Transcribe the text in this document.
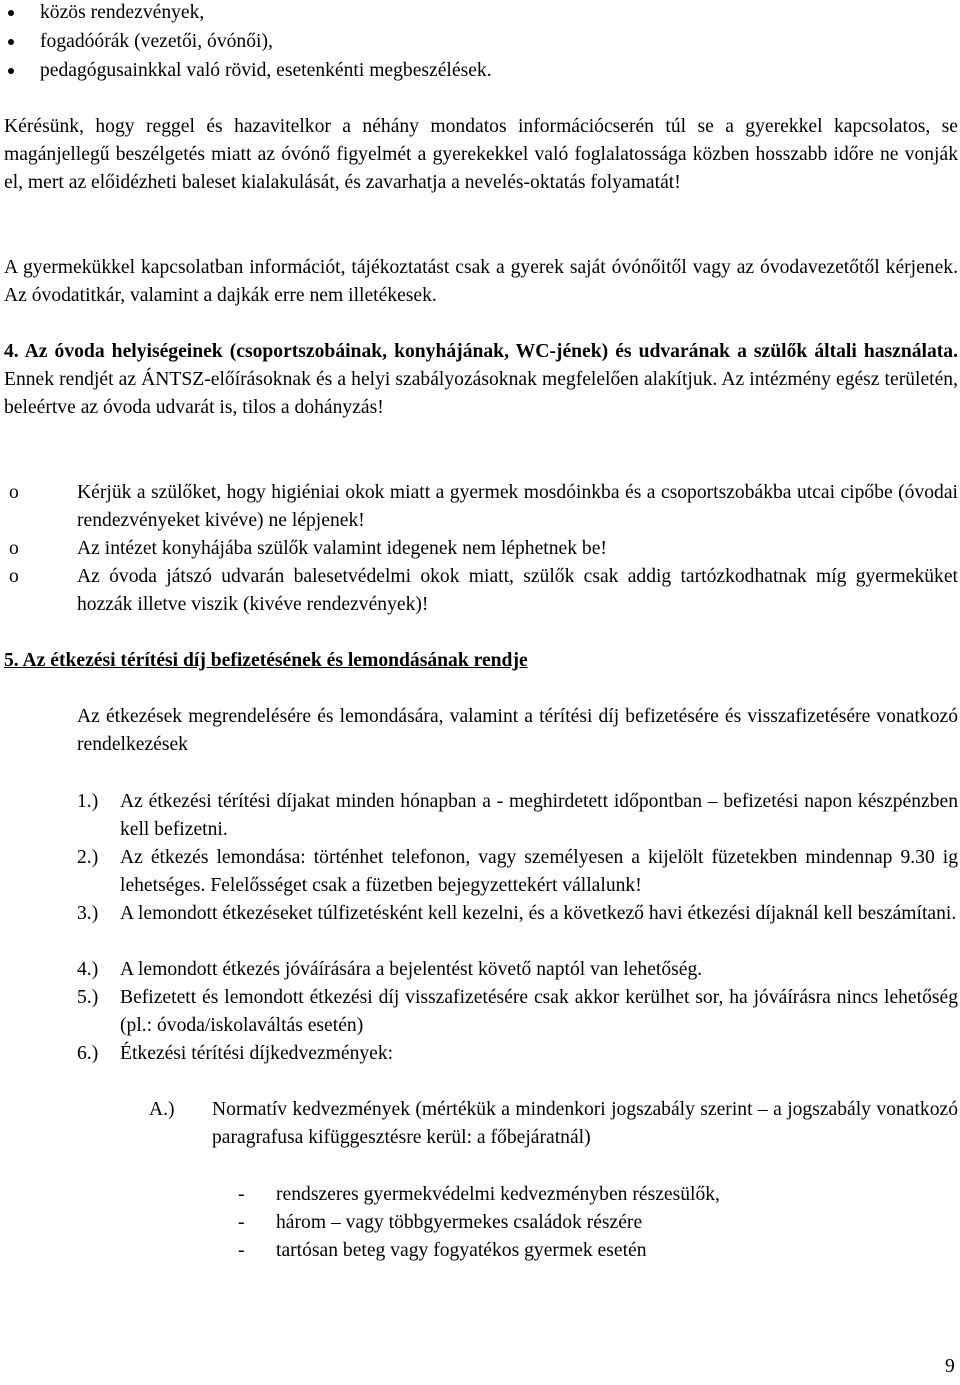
közös rendezvények,
fogadóórák (vezetői, óvónői),
pedagógusainkkal való rövid, esetenkénti megbeszélések.
Kérésünk, hogy reggel és hazavitelkor a néhány mondatos információcserén túl se a gyerekkel kapcsolatos, se magánjellegű beszélgetés miatt az óvónő figyelmét a gyerekekkel való foglalatossága közben hosszabb időre ne vonják el, mert az előidézheti baleset kialakulását, és zavarhatja a nevelés-oktatás folyamatát!
A gyermekükkel kapcsolatban információt, tájékoztatást csak a gyerek saját óvónőitől vagy az óvodavezetőtől kérjenek. Az óvodatitkár, valamint a dajkák erre nem illetékesek.
4. Az óvoda helyiségeinek (csoportszobáinak, konyhájának, WC-jének) és udvarának a szülők általi használata. Ennek rendjét az ÁNTSZ-előírásoknak és a helyi szabályozásoknak megfelelően alakítjuk. Az intézmény egész területén, beleértve az óvoda udvarát is, tilos a dohányzás!
o	Kérjük a szülőket, hogy higiéniai okok miatt a gyermek mosdóinkba és a csoportszobákba utcai cipőbe (óvodai rendezvényeket kivéve) ne lépjenek!
o	Az intézet konyhájába szülők valamint idegenek nem léphetnek be!
o	Az óvoda játszó udvarán balesetvédelmi okok miatt, szülők csak addig tartózkodhatnak míg gyermeküket hozzák illetve viszik (kivéve rendezvények)!
5. Az étkezési térítési díj befizetésének és lemondásának rendje
Az étkezések megrendelésére és lemondására, valamint a térítési díj befizetésére és visszafizetésére vonatkozó rendelkezések
1.) Az étkezési térítési díjakat minden hónapban a - meghirdetett időpontban – befizetési napon készpénzben kell befizetni.
2.) Az étkezés lemondása: történhet telefonon, vagy személyesen a kijelölt füzetekben mindennap 9.30 ig lehetséges. Felelősséget csak a füzetben bejegyzettekért vállalunk!
3.) A lemondott étkezéseket túlfizetésként kell kezelni, és a következő havi étkezési díjaknál kell beszámítani.
4.) A lemondott étkezés jóváírására a bejelentést követő naptól van lehetőség.
5.) Befizetett és lemondott étkezési díj visszafizetésére csak akkor kerülhet sor, ha jóváírásra nincs lehetőség (pl.: óvoda/iskolaváltás esetén)
6.) Étkezési térítési díjkedvezmények:
A.) Normatív kedvezmények (mértékük a mindenkori jogszabály szerint – a jogszabály vonatkozó paragrafusa kifüggesztésre kerül: a főbejáratnál)
- rendszeres gyermekvédelmi kedvezményben részesülők,
- három – vagy többgyermekes családok részére
- tartósan beteg vagy fogyatékos gyermek esetén
9
